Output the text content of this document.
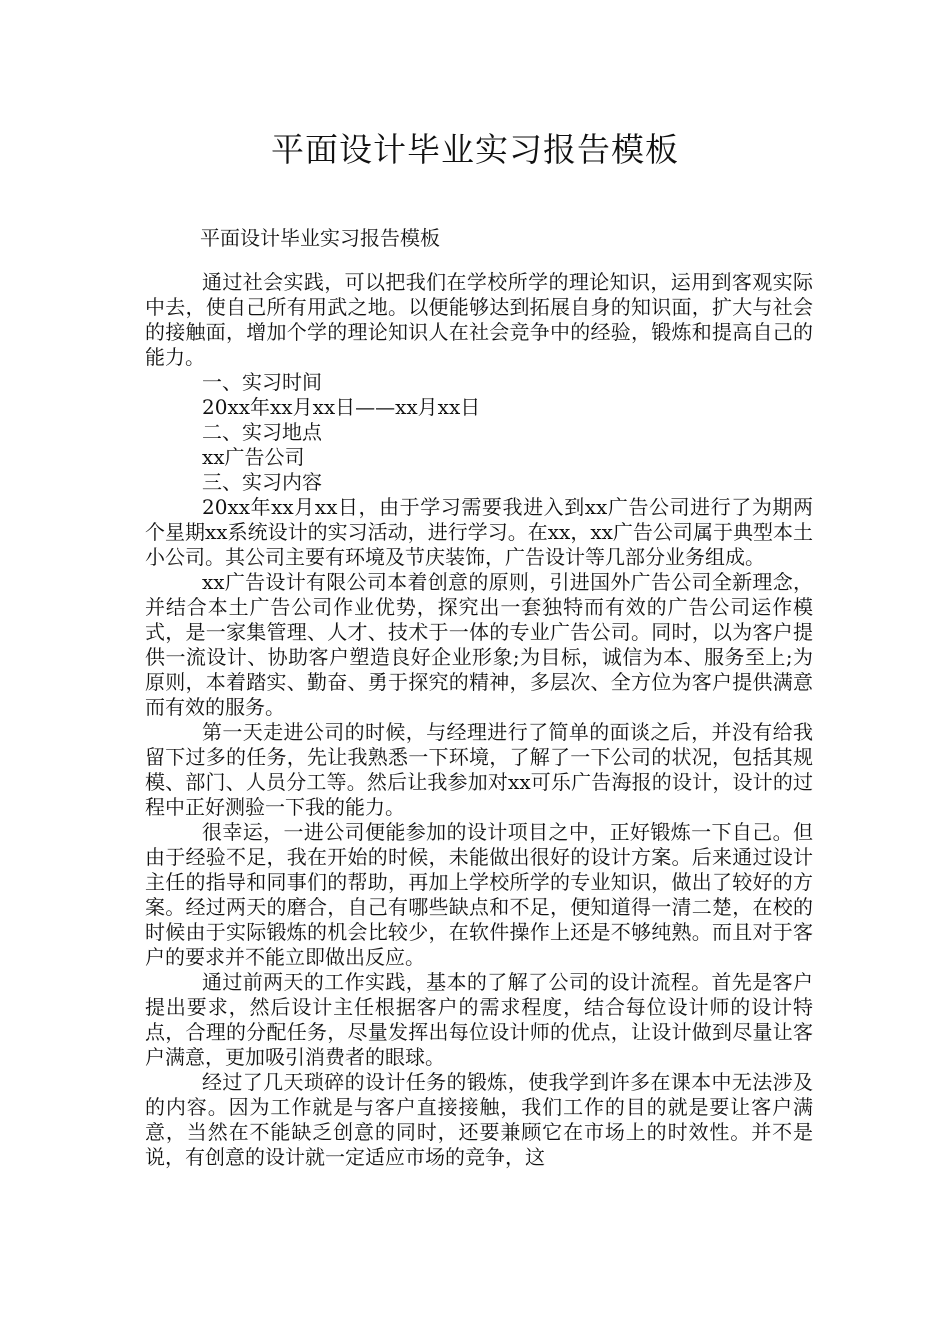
平面设计毕业实习报告模板

平面设计毕业实习报告模板

通过社会实践，可以把我们在学校所学的理论知识，运用到客观实际中去，使自己所有用武之地。以便能够达到拓展自身的知识面，扩大与社会的接触面，增加个学的理论知识人在社会竞争中的经验，锻炼和提高自己的能力。

一、实习时间

20xx年xx月xx日——xx月xx日

二、实习地点

xx广告公司

三、实习内容

20xx年xx月xx日，由于学习需要我进入到xx广告公司进行了为期两个星期xx系统设计的实习活动，进行学习。在xx，xx广告公司属于典型本土小公司。其公司主要有环境及节庆装饰，广告设计等几部分业务组成。

xx广告设计有限公司本着创意的原则，引进国外广告公司全新理念，并结合本土广告公司作业优势，探究出一套独特而有效的广告公司运作模式，是一家集管理、人才、技术于一体的专业广告公司。同时，以为客户提供一流设计、协助客户塑造良好企业形象;为目标，诚信为本、服务至上;为原则，本着踏实、勤奋、勇于探究的精神，多层次、全方位为客户提供满意而有效的服务。

第一天走进公司的时候，与经理进行了简单的面谈之后，并没有给我留下过多的任务，先让我熟悉一下环境，了解了一下公司的状况，包括其规模、部门、人员分工等。然后让我参加对xx可乐广告海报的设计，设计的过程中正好测验一下我的能力。

很幸运，一进公司便能参加的设计项目之中，正好锻炼一下自己。但由于经验不足，我在开始的时候，未能做出很好的设计方案。后来通过设计主任的指导和同事们的帮助，再加上学校所学的专业知识，做出了较好的方案。经过两天的磨合，自己有哪些缺点和不足，便知道得一清二楚，在校的时候由于实际锻炼的机会比较少，在软件操作上还是不够纯熟。而且对于客户的要求并不能立即做出反应。

通过前两天的工作实践，基本的了解了公司的设计流程。首先是客户提出要求，然后设计主任根据客户的需求程度，结合每位设计师的设计特点，合理的分配任务，尽量发挥出每位设计师的优点，让设计做到尽量让客户满意，更加吸引消费者的眼球。

经过了几天琐碎的设计任务的锻炼，使我学到许多在课本中无法涉及的内容。因为工作就是与客户直接接触，我们工作的目的就是要让客户满意，当然在不能缺乏创意的同时，还要兼顾它在市场上的时效性。并不是说，有创意的设计就一定适应市场的竞争，这
